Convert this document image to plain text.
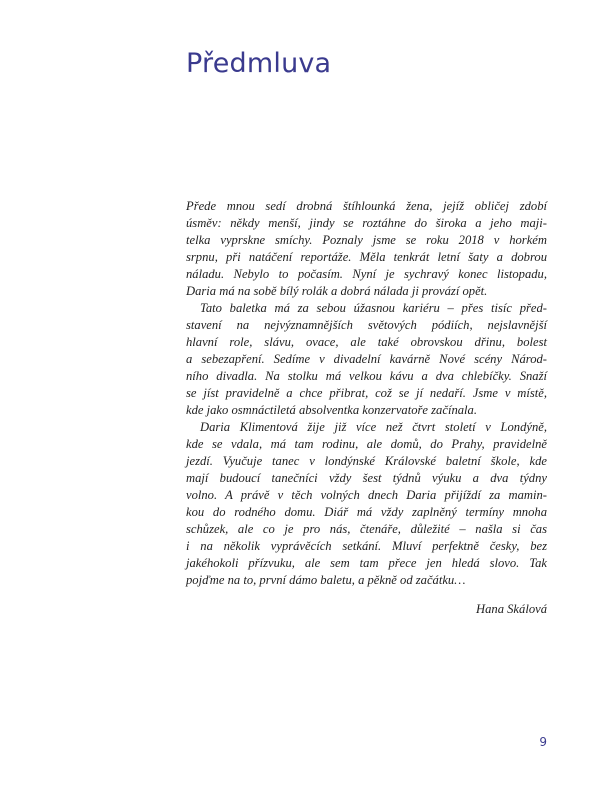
Předmluva

Přede mnou sedí drobná štíhlounká žena, jejíž obličej zdobí
úsměv: někdy menší, jindy se roztáhne do široka a jeho maji-
telka vyprskne smíchy. Poznaly jsme se roku 2018 v horkém
srpnu, při natáčení reportáže. Měla tenkrát letní šaty a dobrou
náladu. Nebylo to počasím. Nyní je sychravý konec listopadu,
Daria má na sobě bílý rolák a dobrá nálada ji provází opět.

Tato baletka má za sebou úžasnou kariéru – přes tisíc před-
stavení na nejvýznamnějších světových pódiích, nejslavnější
hlavní role, slávu, ovace, ale také obrovskou dřinu, bolest
a sebezapření. Sedíme v divadelní kavárně Nové scény Národ-
ního divadla. Na stolku má velkou kávu a dva chlebíčky. Snaží
se jíst pravidelně a chce přibrat, což se jí nedaří. Jsme v místě,
kde jako osmnáctiletá absolventka konzervatoře začínala.

Daria Klimentová žije již více než čtvrt století v Londýně,
kde se vdala, má tam rodinu, ale domů, do Prahy, pravidelně
jezdí. Vyučuje tanec v londýnské Královské baletní škole, kde
mají budoucí tanečníci vždy šest týdnů výuku a dva týdny
volno. A právě v těch volných dnech Daria přijíždí za mamin-
kou do rodného domu. Diář má vždy zaplněný termíny mnoha
schůzek, ale co je pro nás, čtenáře, důležité – našla si čas
i na několik vyprávěcích setkání. Mluví perfektně česky, bez
jakéhokoli přízvuku, ale sem tam přece jen hledá slovo. Tak
pojďme na to, první dámo baletu, a pěkně od začátku…

Hana Skálová

9
